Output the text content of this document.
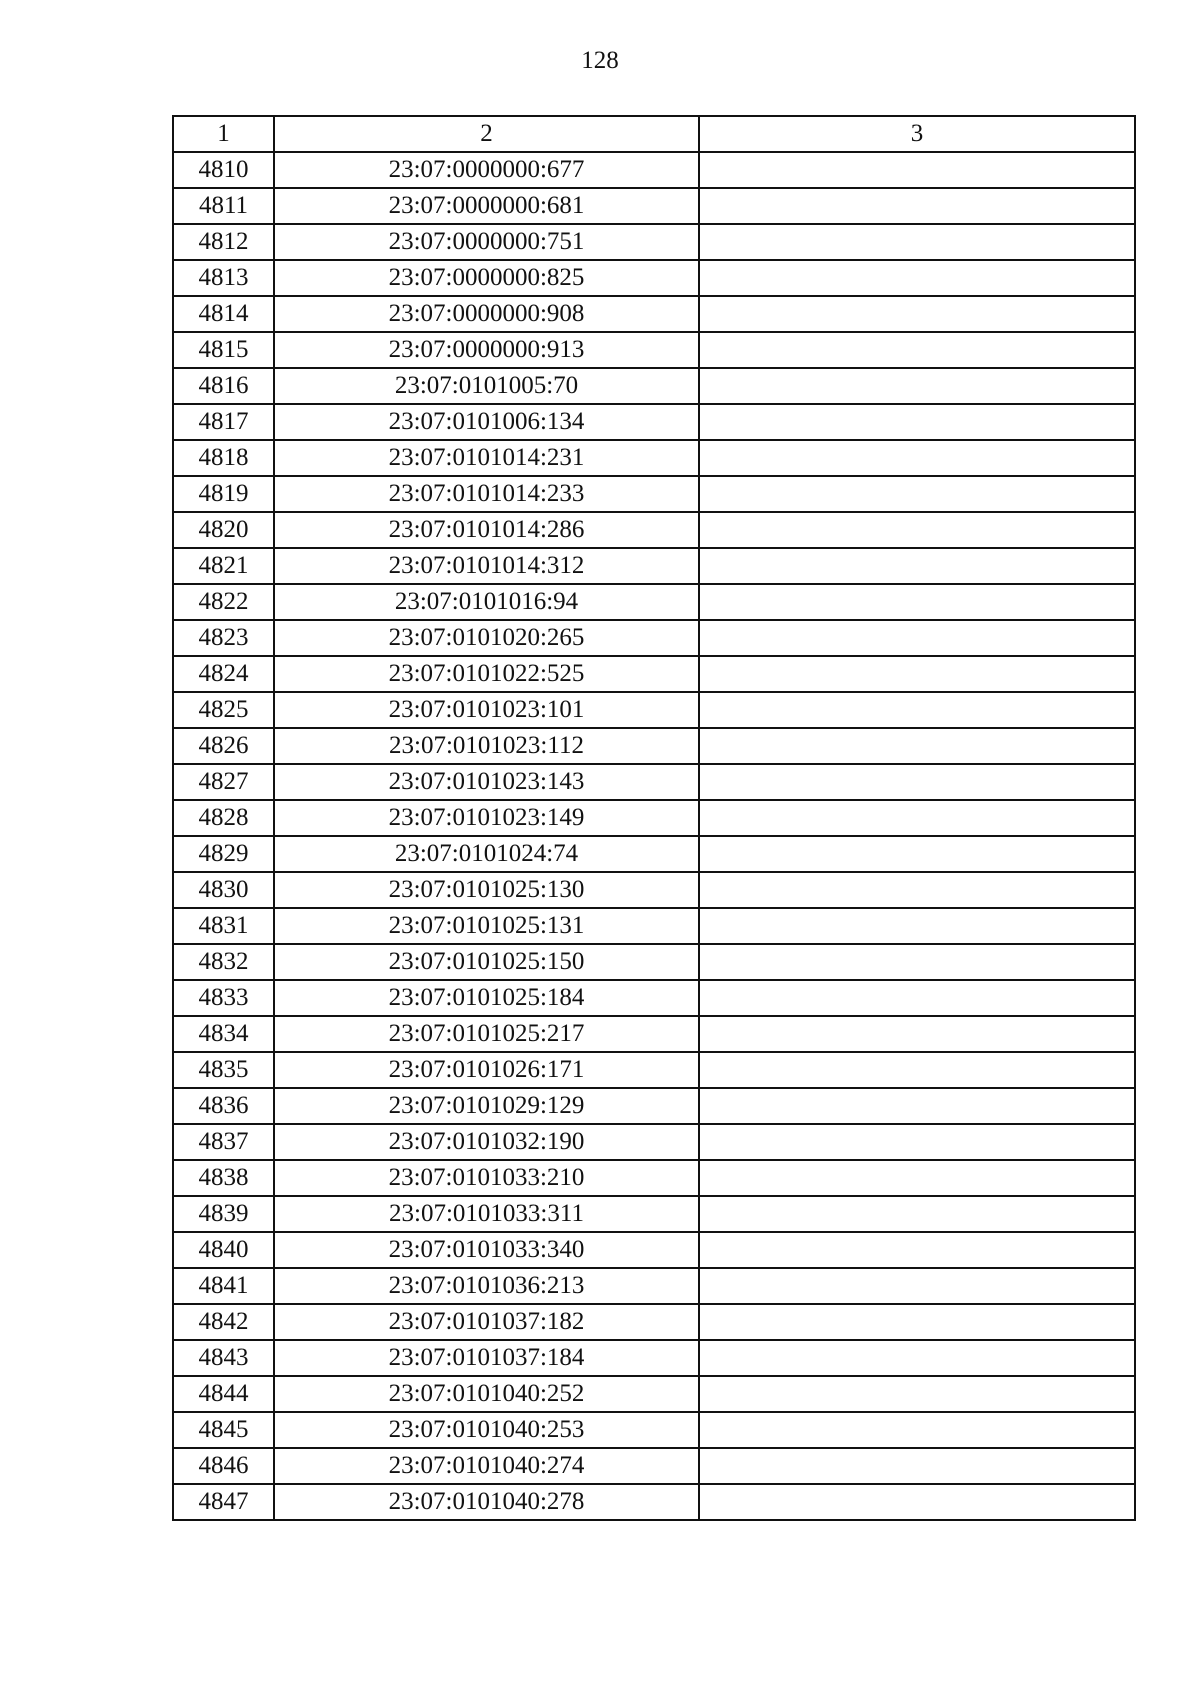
128
1	2	3
4810	23:07:0000000:677	
4811	23:07:0000000:681	
4812	23:07:0000000:751	
4813	23:07:0000000:825	
4814	23:07:0000000:908	
4815	23:07:0000000:913	
4816	23:07:0101005:70	
4817	23:07:0101006:134	
4818	23:07:0101014:231	
4819	23:07:0101014:233	
4820	23:07:0101014:286	
4821	23:07:0101014:312	
4822	23:07:0101016:94	
4823	23:07:0101020:265	
4824	23:07:0101022:525	
4825	23:07:0101023:101	
4826	23:07:0101023:112	
4827	23:07:0101023:143	
4828	23:07:0101023:149	
4829	23:07:0101024:74	
4830	23:07:0101025:130	
4831	23:07:0101025:131	
4832	23:07:0101025:150	
4833	23:07:0101025:184	
4834	23:07:0101025:217	
4835	23:07:0101026:171	
4836	23:07:0101029:129	
4837	23:07:0101032:190	
4838	23:07:0101033:210	
4839	23:07:0101033:311	
4840	23:07:0101033:340	
4841	23:07:0101036:213	
4842	23:07:0101037:182	
4843	23:07:0101037:184	
4844	23:07:0101040:252	
4845	23:07:0101040:253	
4846	23:07:0101040:274	
4847	23:07:0101040:278	
